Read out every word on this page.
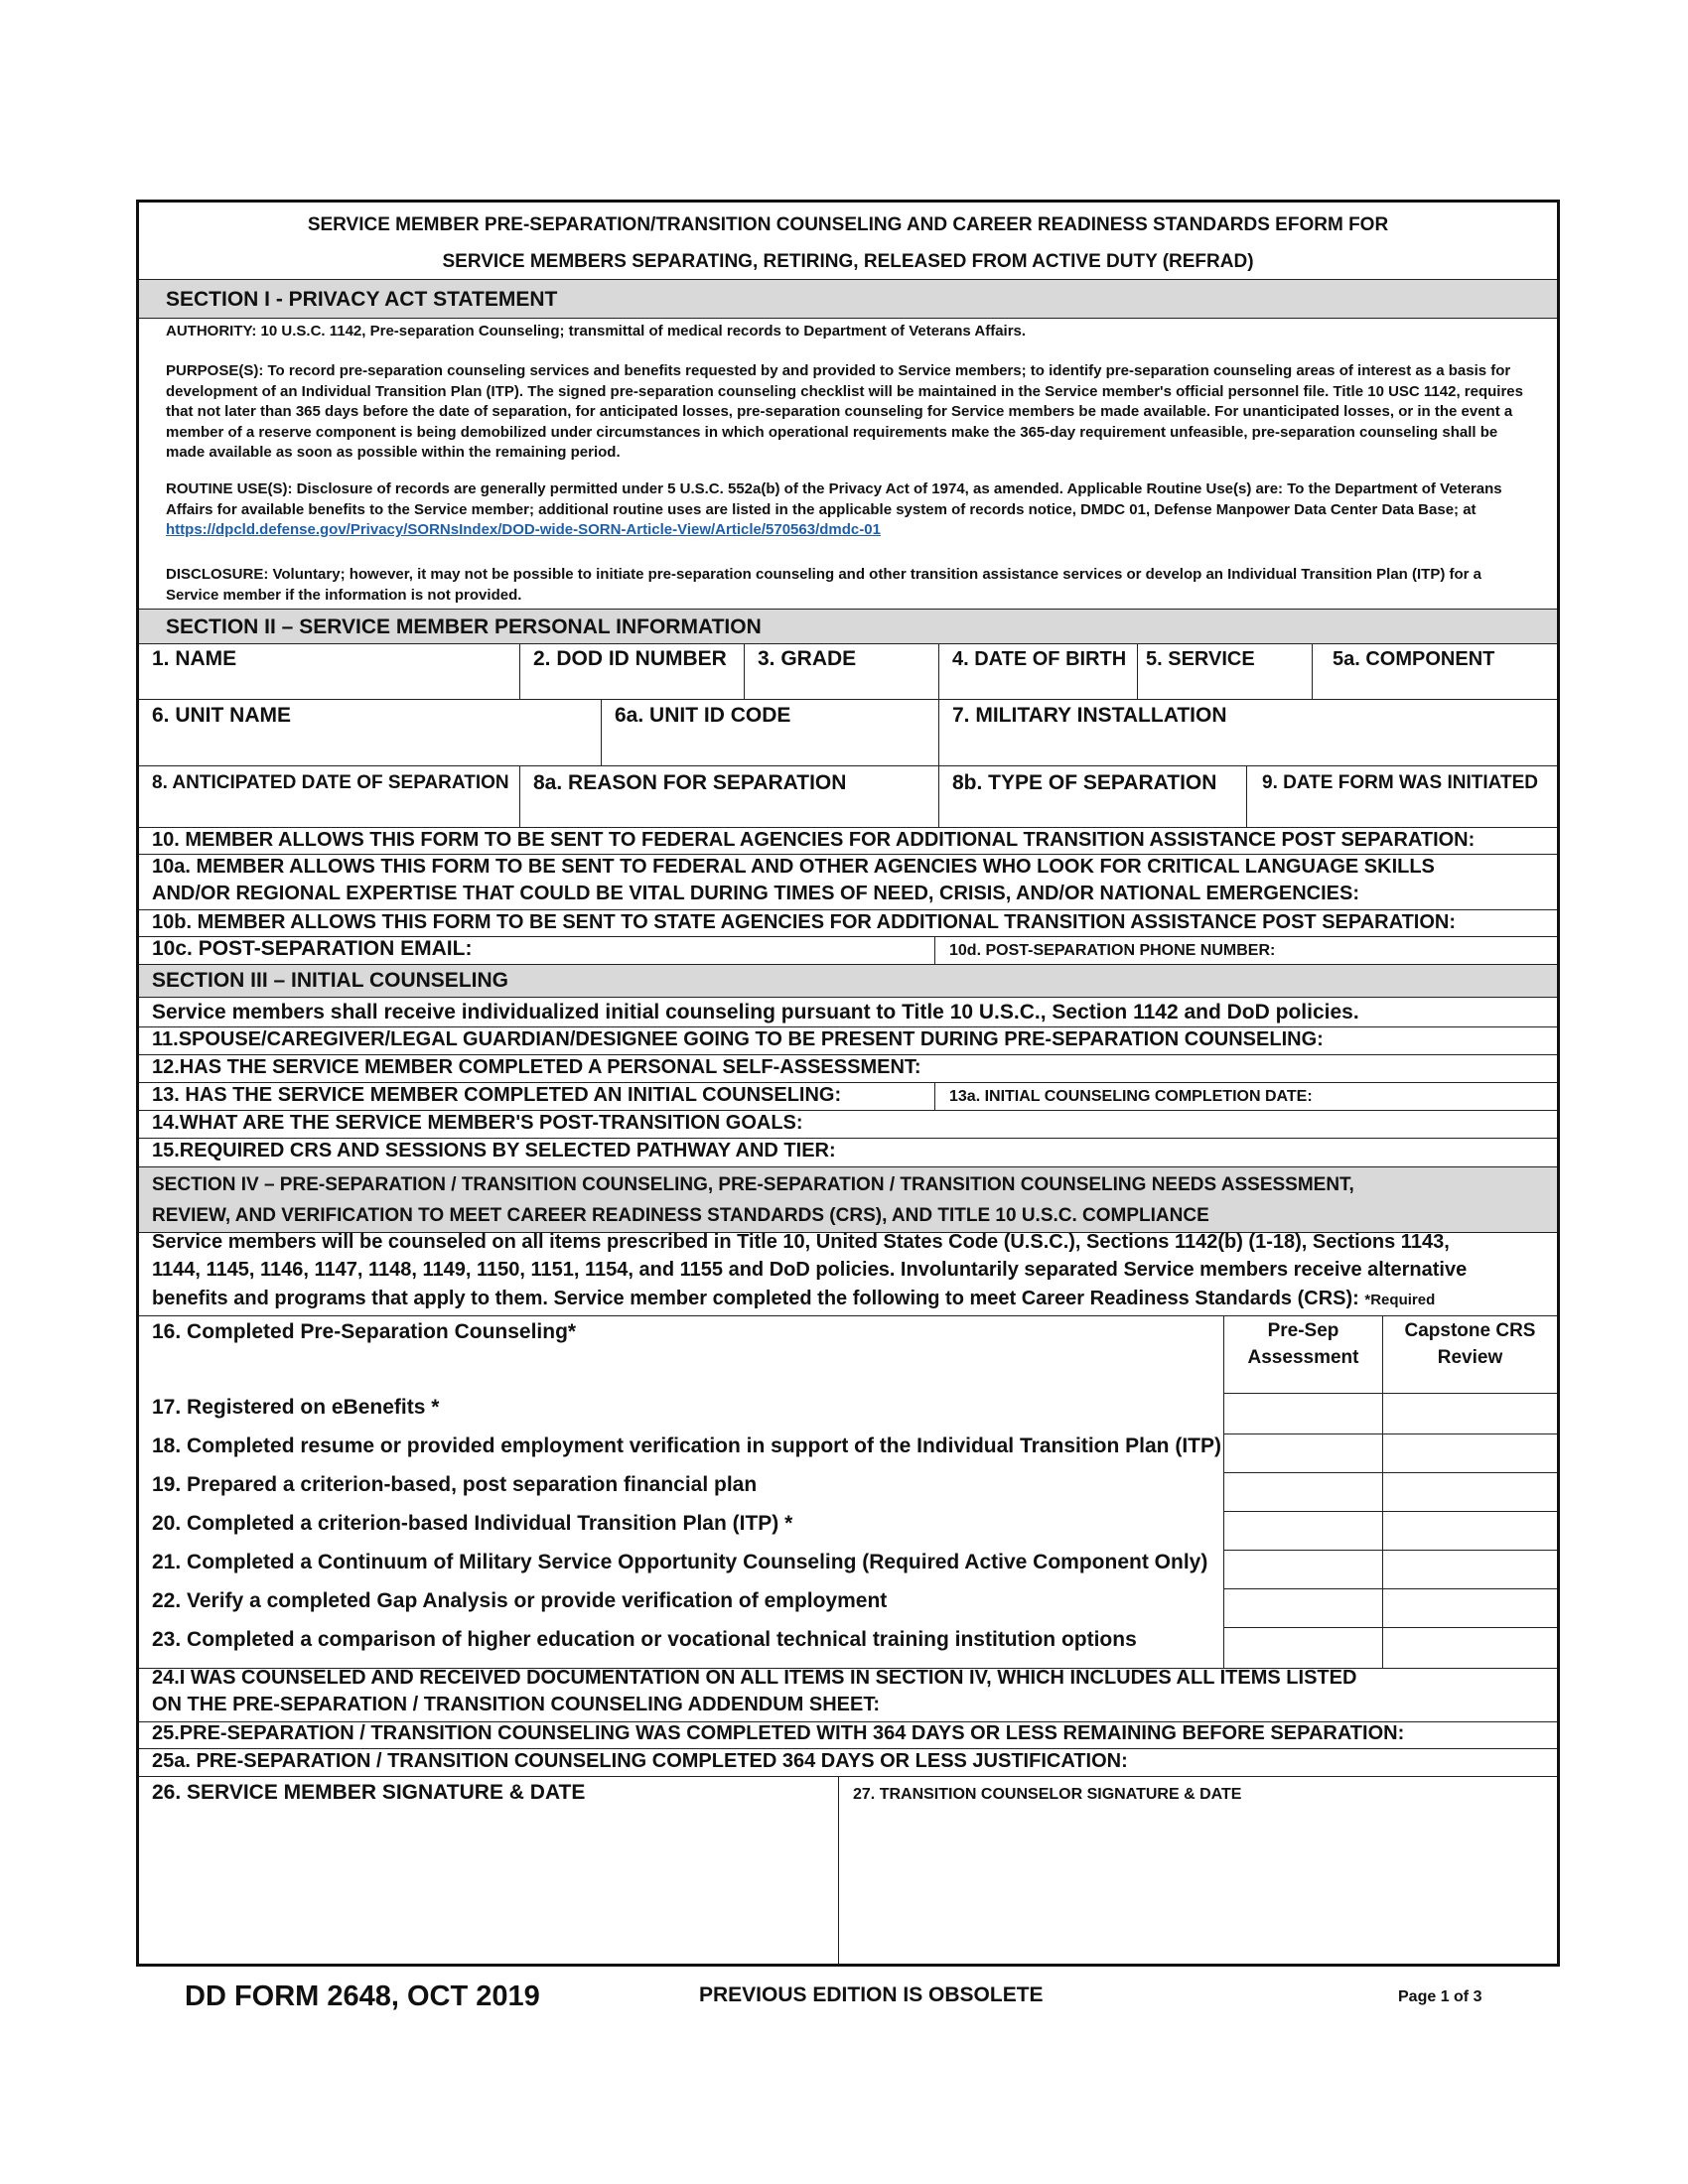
SERVICE MEMBER PRE-SEPARATION/TRANSITION COUNSELING AND CAREER READINESS STANDARDS EFORM FOR
SERVICE MEMBERS SEPARATING, RETIRING, RELEASED FROM ACTIVE DUTY (REFRAD)
SECTION I - PRIVACY ACT STATEMENT
AUTHORITY: 10 U.S.C. 1142, Pre-separation Counseling; transmittal of medical records to Department of Veterans Affairs.
PURPOSE(S): To record pre-separation counseling services and benefits requested by and provided to Service members; to identify pre-separation counseling areas of interest as a basis for development of an Individual Transition Plan (ITP). The signed pre-separation counseling checklist will be maintained in the Service member's official personnel file. Title 10 USC 1142, requires that not later than 365 days before the date of separation, for anticipated losses, pre-separation counseling for Service members be made available. For unanticipated losses, or in the event a member of a reserve component is being demobilized under circumstances in which operational requirements make the 365-day requirement unfeasible, pre-separation counseling shall be made available as soon as possible within the remaining period.
ROUTINE USE(S): Disclosure of records are generally permitted under 5 U.S.C. 552a(b) of the Privacy Act of 1974, as amended. Applicable Routine Use(s) are: To the Department of Veterans Affairs for available benefits to the Service member; additional routine uses are listed in the applicable system of records notice, DMDC 01, Defense Manpower Data Center Data Base; at https://dpcld.defense.gov/Privacy/SORNsIndex/DOD-wide-SORN-Article-View/Article/570563/dmdc-01
DISCLOSURE: Voluntary; however, it may not be possible to initiate pre-separation counseling and other transition assistance services or develop an Individual Transition Plan (ITP) for a Service member if the information is not provided.
SECTION II – SERVICE MEMBER PERSONAL INFORMATION
1. NAME	2. DOD ID NUMBER 3. GRADE	4. DATE OF BIRTH 5. SERVICE	5a. COMPONENT
6. UNIT NAME	6a. UNIT ID CODE	7. MILITARY INSTALLATION
8. ANTICIPATED DATE OF SEPARATION 8a. REASON FOR SEPARATION	8b. TYPE OF SEPARATION 9. DATE FORM WAS INITIATED
10. MEMBER ALLOWS THIS FORM TO BE SENT TO FEDERAL AGENCIES FOR ADDITIONAL TRANSITION ASSISTANCE POST SEPARATION:
10a. MEMBER ALLOWS THIS FORM TO BE SENT TO FEDERAL AND OTHER AGENCIES WHO LOOK FOR CRITICAL LANGUAGE SKILLS
AND/OR REGIONAL EXPERTISE THAT COULD BE VITAL DURING TIMES OF NEED, CRISIS, AND/OR NATIONAL EMERGENCIES:
10b. MEMBER ALLOWS THIS FORM TO BE SENT TO STATE AGENCIES FOR ADDITIONAL TRANSITION ASSISTANCE POST SEPARATION:
10c. POST-SEPARATION EMAIL:	10d. POST-SEPARATION PHONE NUMBER:
SECTION III – INITIAL COUNSELING
Service members shall receive individualized initial counseling pursuant to Title 10 U.S.C., Section 1142 and DoD policies.
11.SPOUSE/CAREGIVER/LEGAL GUARDIAN/DESIGNEE GOING TO BE PRESENT DURING PRE-SEPARATION COUNSELING:
12.HAS THE SERVICE MEMBER COMPLETED A PERSONAL SELF-ASSESSMENT:
13. HAS THE SERVICE MEMBER COMPLETED AN INITIAL COUNSELING:	13a. INITIAL COUNSELING COMPLETION DATE:
14.WHAT ARE THE SERVICE MEMBER'S POST-TRANSITION GOALS:
15.REQUIRED CRS AND SESSIONS BY SELECTED PATHWAY AND TIER:
SECTION IV – PRE-SEPARATION / TRANSITION COUNSELING, PRE-SEPARATION / TRANSITION COUNSELING NEEDS ASSESSMENT,
REVIEW, AND VERIFICATION TO MEET CAREER READINESS STANDARDS (CRS), AND TITLE 10 U.S.C. COMPLIANCE
Service members will be counseled on all items prescribed in Title 10, United States Code (U.S.C.), Sections 1142(b) (1-18), Sections 1143,
1144, 1145, 1146, 1147, 1148, 1149, 1150, 1151, 1154, and 1155 and DoD policies. Involuntarily separated Service members receive alternative
benefits and programs that apply to them. Service member completed the following to meet Career Readiness Standards (CRS): *Required
Pre-Sep
Assessment
Capstone CRS
Review
16. Completed Pre-Separation Counseling*
17. Registered on eBenefits *
18. Completed resume or provided employment verification in support of the Individual Transition Plan (ITP)
19. Prepared a criterion-based, post separation financial plan
20. Completed a criterion-based Individual Transition Plan (ITP) *
21. Completed a Continuum of Military Service Opportunity Counseling (Required Active Component Only)
22. Verify a completed Gap Analysis or provide verification of employment
23. Completed a comparison of higher education or vocational technical training institution options
24.I WAS COUNSELED AND RECEIVED DOCUMENTATION ON ALL ITEMS IN SECTION IV, WHICH INCLUDES ALL ITEMS LISTED
ON THE PRE-SEPARATION / TRANSITION COUNSELING ADDENDUM SHEET:
25.PRE-SEPARATION / TRANSITION COUNSELING WAS COMPLETED WITH 364 DAYS OR LESS REMAINING BEFORE SEPARATION:
25a. PRE-SEPARATION / TRANSITION COUNSELING COMPLETED 364 DAYS OR LESS JUSTIFICATION:
26. SERVICE MEMBER SIGNATURE & DATE	27. TRANSITION COUNSELOR SIGNATURE & DATE
DD FORM 2648, OCT 2019	PREVIOUS EDITION IS OBSOLETE	Page 1 of 3
